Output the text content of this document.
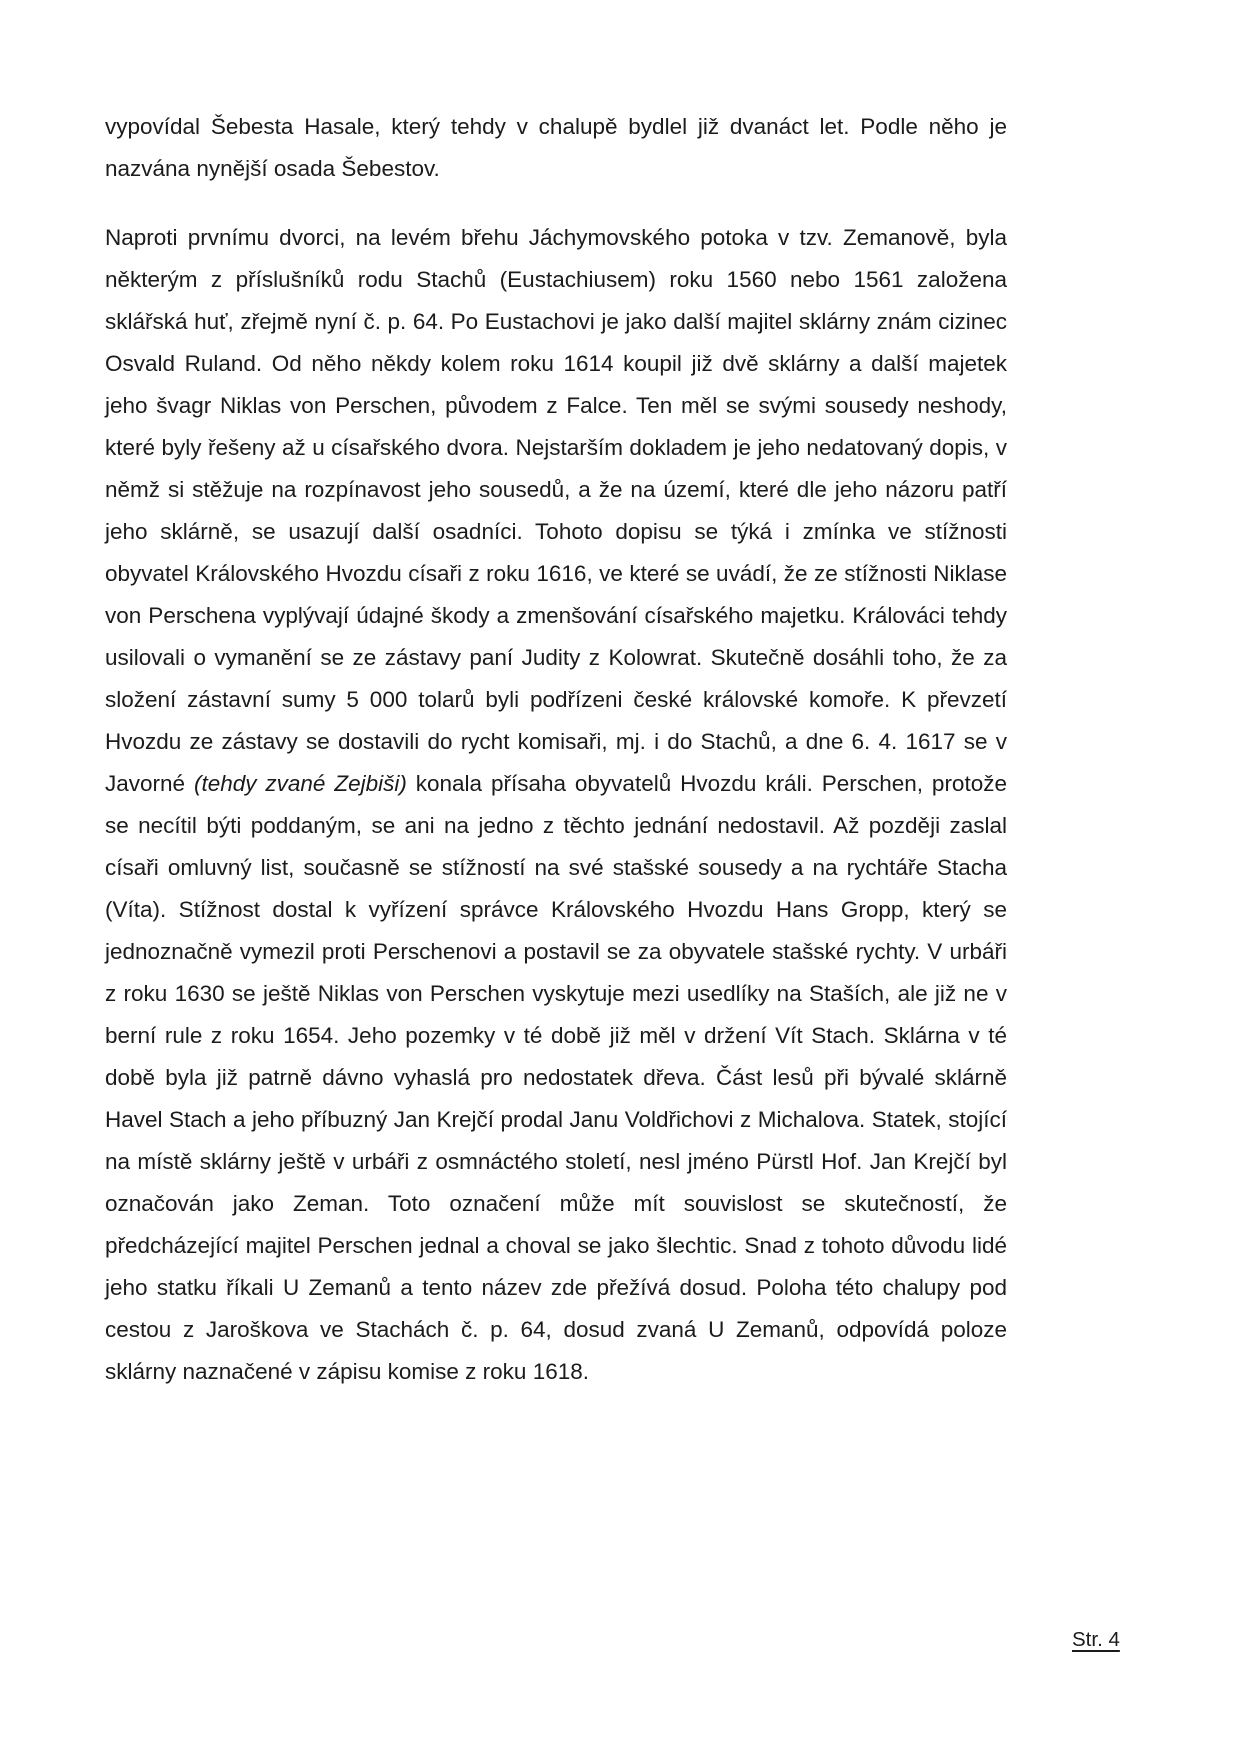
vypovídal Šebesta Hasale, který tehdy v chalupě bydlel již dvanáct let. Podle něho je nazvána nynější osada Šebestov.

Naproti prvnímu dvorci, na levém břehu Jáchymovského potoka v tzv. Zemanově, byla některým z příslušníků rodu Stachů (Eustachiusem) roku 1560 nebo 1561 založena sklářská huť, zřejmě nyní č. p. 64. Po Eustachovi je jako další majitel sklárny znám cizinec Osvald Ruland. Od něho někdy kolem roku 1614 koupil již dvě sklárny a další majetek jeho švagr Niklas von Perschen, původem z Falce. Ten měl se svými sousedy neshody, které byly řešeny až u císařského dvora. Nejstarším dokladem je jeho nedatovaný dopis, v němž si stěžuje na rozpínavost jeho sousedů, a že na území, které dle jeho názoru patří jeho sklárně, se usazují další osadníci. Tohoto dopisu se týká i zmínka ve stížnosti obyvatel Královského Hvozdu císaři z roku 1616, ve které se uvádí, že ze stížnosti Niklase von Perschena vyplývají údajné škody a zmenšování císařského majetku. Králováci tehdy usilovali o vymanění se ze zástavy paní Judity z Kolowrat. Skutečně dosáhli toho, že za složení zástavní sumy 5 000 tolarů byli podřízeni české královské komoře. K převzetí Hvozdu ze zástavy se dostavili do rycht komisaři, mj. i do Stachů, a dne 6. 4. 1617 se v Javorné (tehdy zvané Zejbiši) konala přísaha obyvatelů Hvozdu králi. Perschen, protože se necítil býti poddaným, se ani na jedno z těchto jednání nedostavil. Až později zaslal císaři omluvný list, současně se stížností na své stašské sousedy a na rychtáře Stacha (Víta). Stížnost dostal k vyřízení správce Královského Hvozdu Hans Gropp, který se jednoznačně vymezil proti Perschenovi a postavil se za obyvatele stašské rychty. V urbáři z roku 1630 se ještě Niklas von Perschen vyskytuje mezi usedlíky na Staších, ale již ne v berní rule z roku 1654. Jeho pozemky v té době již měl v držení Vít Stach. Sklárna v té době byla již patrně dávno vyhaslá pro nedostatek dřeva. Část lesů při bývalé sklárně Havel Stach a jeho příbuzný Jan Krejčí prodal Janu Voldřichovi z Michalova. Statek, stojící na místě sklárny ještě v urbáři z osmnáctého století, nesl jméno Pürstl Hof. Jan Krejčí byl označován jako Zeman. Toto označení může mít souvislost se skutečností, že předcházející majitel Perschen jednal a choval se jako šlechtic. Snad z tohoto důvodu lidé jeho statku říkali U Zemanů a tento název zde přežívá dosud. Poloha této chalupy pod cestou z Jaroškova ve Stachách č. p. 64, dosud zvaná U Zemanů, odpovídá poloze sklárny naznačené v zápisu komise z roku 1618.

Str. 4
